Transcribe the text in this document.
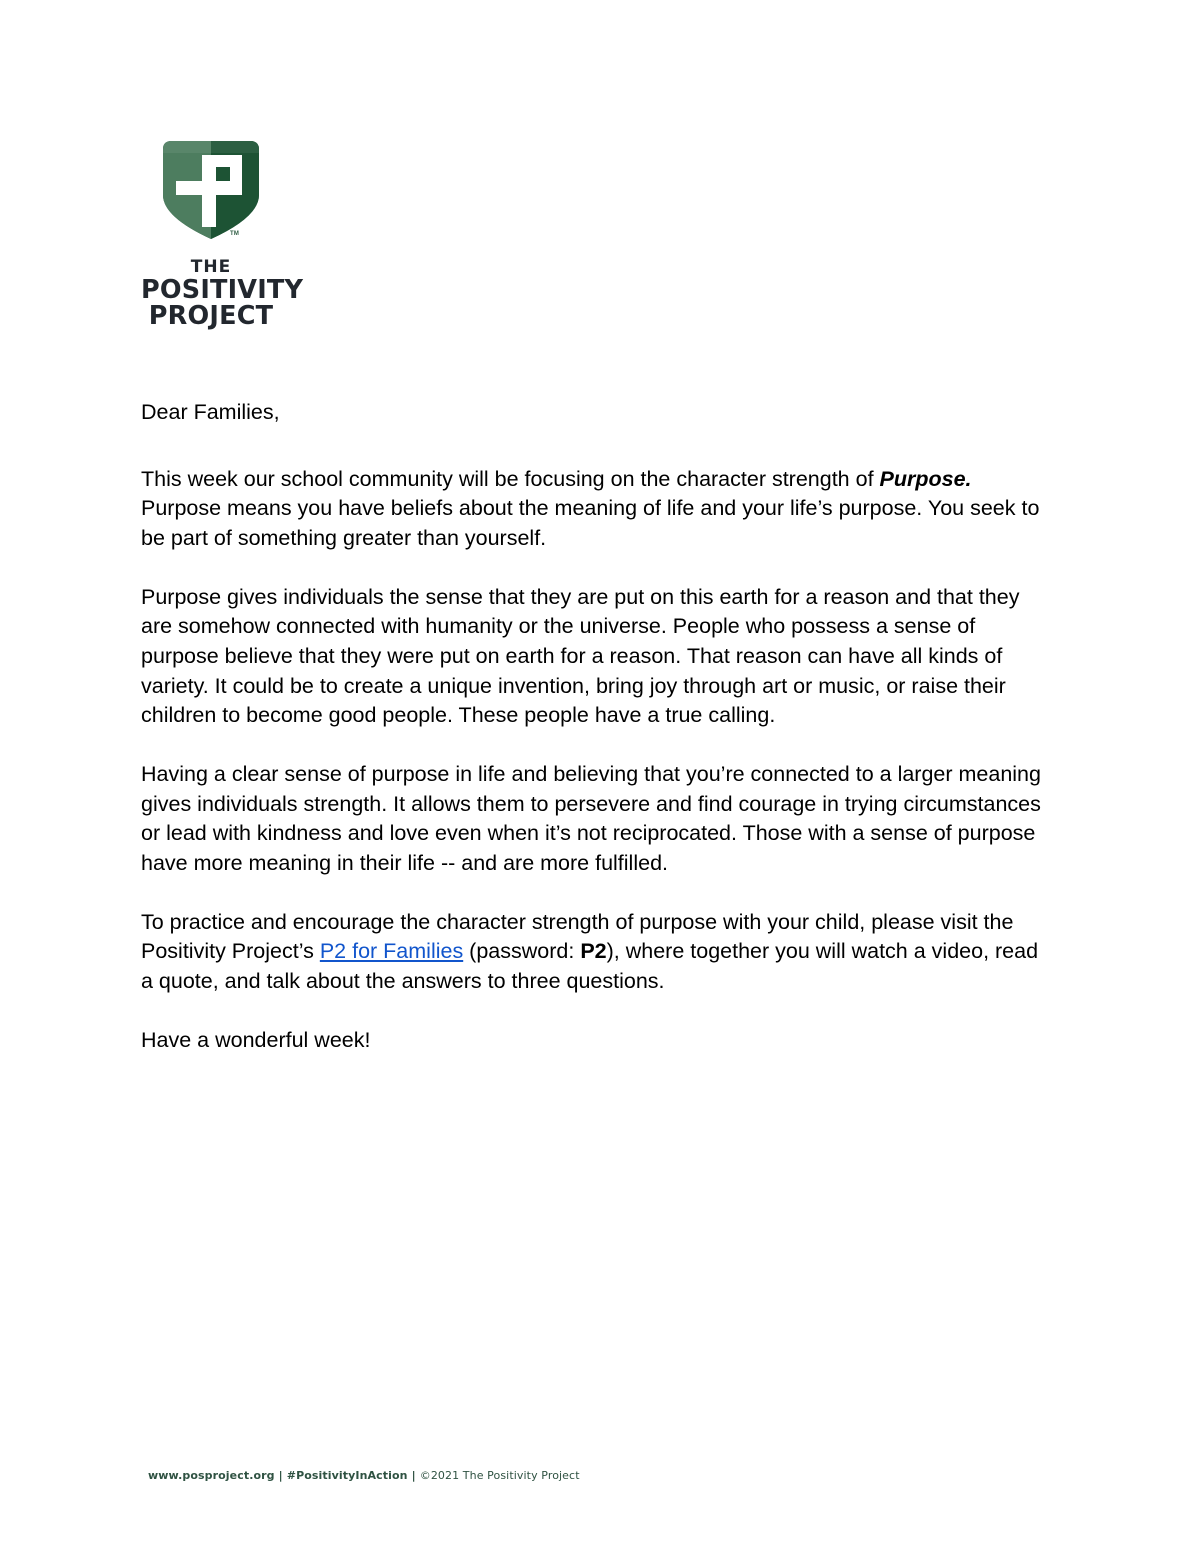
TM
THE
POSITIVITY
PROJECT

Dear Families,

This week our school community will be focusing on the character strength of Purpose. Purpose means you have beliefs about the meaning of life and your life’s purpose. You seek to be part of something greater than yourself.

Purpose gives individuals the sense that they are put on this earth for a reason and that they are somehow connected with humanity or the universe. People who possess a sense of purpose believe that they were put on earth for a reason. That reason can have all kinds of variety. It could be to create a unique invention, bring joy through art or music, or raise their children to become good people. These people have a true calling.

Having a clear sense of purpose in life and believing that you’re connected to a larger meaning gives individuals strength. It allows them to persevere and find courage in trying circumstances or lead with kindness and love even when it’s not reciprocated. Those with a sense of purpose have more meaning in their life -- and are more fulfilled.

To practice and encourage the character strength of purpose with your child, please visit the Positivity Project’s P2 for Families (password: P2), where together you will watch a video, read a quote, and talk about the answers to three questions.

Have a wonderful week!

www.posproject.org | #PositivityInAction | ©2021 The Positivity Project
